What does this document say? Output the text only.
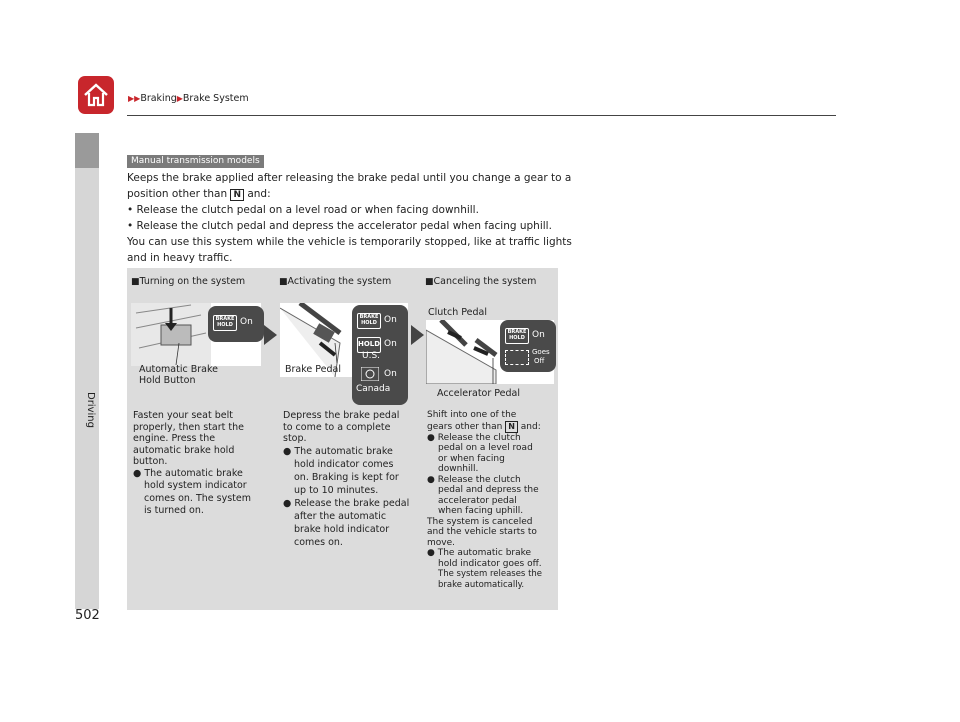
▶▶Braking▶Brake System
Driving
502
Manual transmission models
Keeps the brake applied after releasing the brake pedal until you change a gear to a
position other than N and:
• Release the clutch pedal on a level road or when facing downhill.
• Release the clutch pedal and depress the accelerator pedal when facing uphill.
You can use this system while the vehicle is temporarily stopped, like at traffic lights
and in heavy traffic.
■Turning on the system	■Activating the system	■Canceling the system
BRAKE HOLD On
Automatic Brake
Hold Button
BRAKE HOLD On
HOLD On
U.S.
On
Canada
Brake Pedal
Clutch Pedal
BRAKE HOLD On
Goes
Off
Accelerator Pedal
Fasten your seat belt
properly, then start the
engine. Press the
automatic brake hold
button.
● The automatic brake
hold system indicator
comes on. The system
is turned on.
Depress the brake pedal
to come to a complete
stop.
● The automatic brake
hold indicator comes
on. Braking is kept for
up to 10 minutes.
● Release the brake pedal
after the automatic
brake hold indicator
comes on.
Shift into one of the
gears other than N and:
● Release the clutch
pedal on a level road
or when facing
downhill.
● Release the clutch
pedal and depress the
accelerator pedal
when facing uphill.
The system is canceled
and the vehicle starts to
move.
● The automatic brake
hold indicator goes off.
The system releases the
brake automatically.
